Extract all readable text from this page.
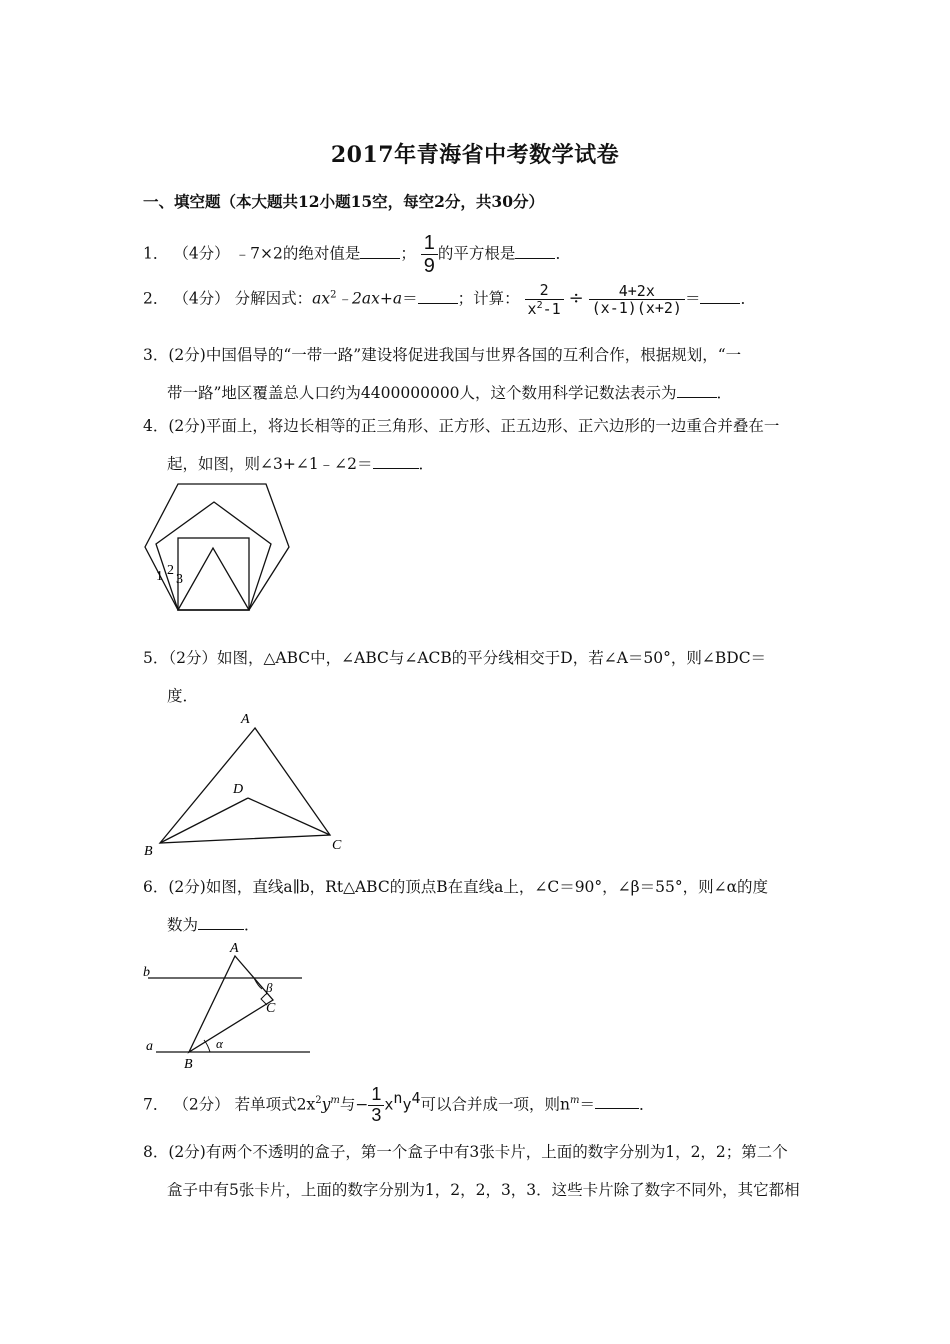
2017年青海省中考数学试卷
一、填空题（本大题共12小题15空，每空2分，共30分）
1． （4分） ﹣7×2的绝对值是	； $\frac{1}{9}$ 的平方根是	．
2． （4分） 分解因式：$ax^2﹣2ax+a=$	；计算： $\frac{2}{x^2-1} \div \frac{4+2x}{(x-1)(x+2)}$ ＝	．
3．(2分)中国倡导的“一带一路”建设将促进我国与世界各国的互利合作，根据规划，“一
带一路”地区覆盖总人口约为4400000000人，这个数用科学记数法表示为	．
4．(2分)平面上，将边长相等的正三角形、正方形、正五边形、正六边形的一边重合并叠在一
起，如图，则∠3+∠1﹣∠2＝	．
1 2
3
5．（2分）如图，△ABC中，∠ABC与∠ACB的平分线相交于D，若∠A＝50°，则∠BDC＝
度．
A
D
B	C
6．(2分)如图，直线a∥b，Rt△ABC的顶点B在直线a上，∠C＝90°，∠β＝55°，则∠α的度
数为	．
A
b
β
C
a	α
B
7． （2分） 若单项式$2x^2y^m$与− $\frac{1}{3} x^ny^4$可以合并成一项，则$n^m=$	．
8．(2分)有两个不透明的盒子，第一个盒子中有3张卡片，上面的数字分别为1，2，2；第二个
盒子中有5张卡片，上面的数字分别为1，2，2，3，3．这些卡片除了数字不同外，其它都相
